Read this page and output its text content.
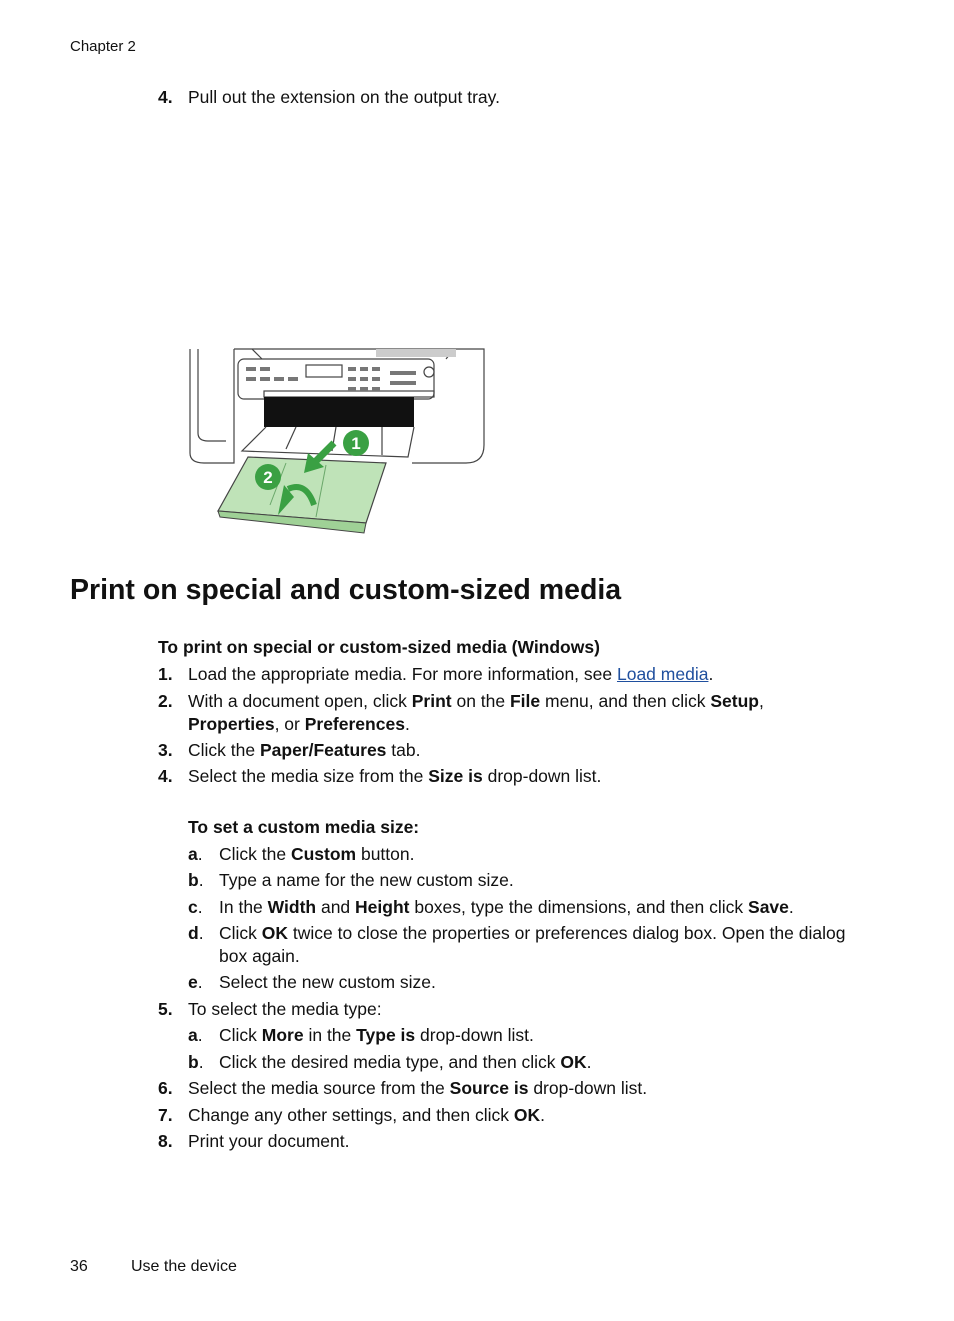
Chapter 2
4. Pull out the extension on the output tray.
1
2
Print on special and custom-sized media
To print on special or custom-sized media (Windows)
1. Load the appropriate media. For more information, see Load media.
2. With a document open, click Print on the File menu, and then click Setup,
Properties, or Preferences.
3. Click the Paper/Features tab.
4. Select the media size from the Size is drop-down list.
To set a custom media size:
a. Click the Custom button.
b. Type a name for the new custom size.
c. In the Width and Height boxes, type the dimensions, and then click Save.
d. Click OK twice to close the properties or preferences dialog box. Open the dialog
box again.
e. Select the new custom size.
5. To select the media type:
a. Click More in the Type is drop-down list.
b. Click the desired media type, and then click OK.
6. Select the media source from the Source is drop-down list.
7. Change any other settings, and then click OK.
8. Print your document.
36	Use the device
